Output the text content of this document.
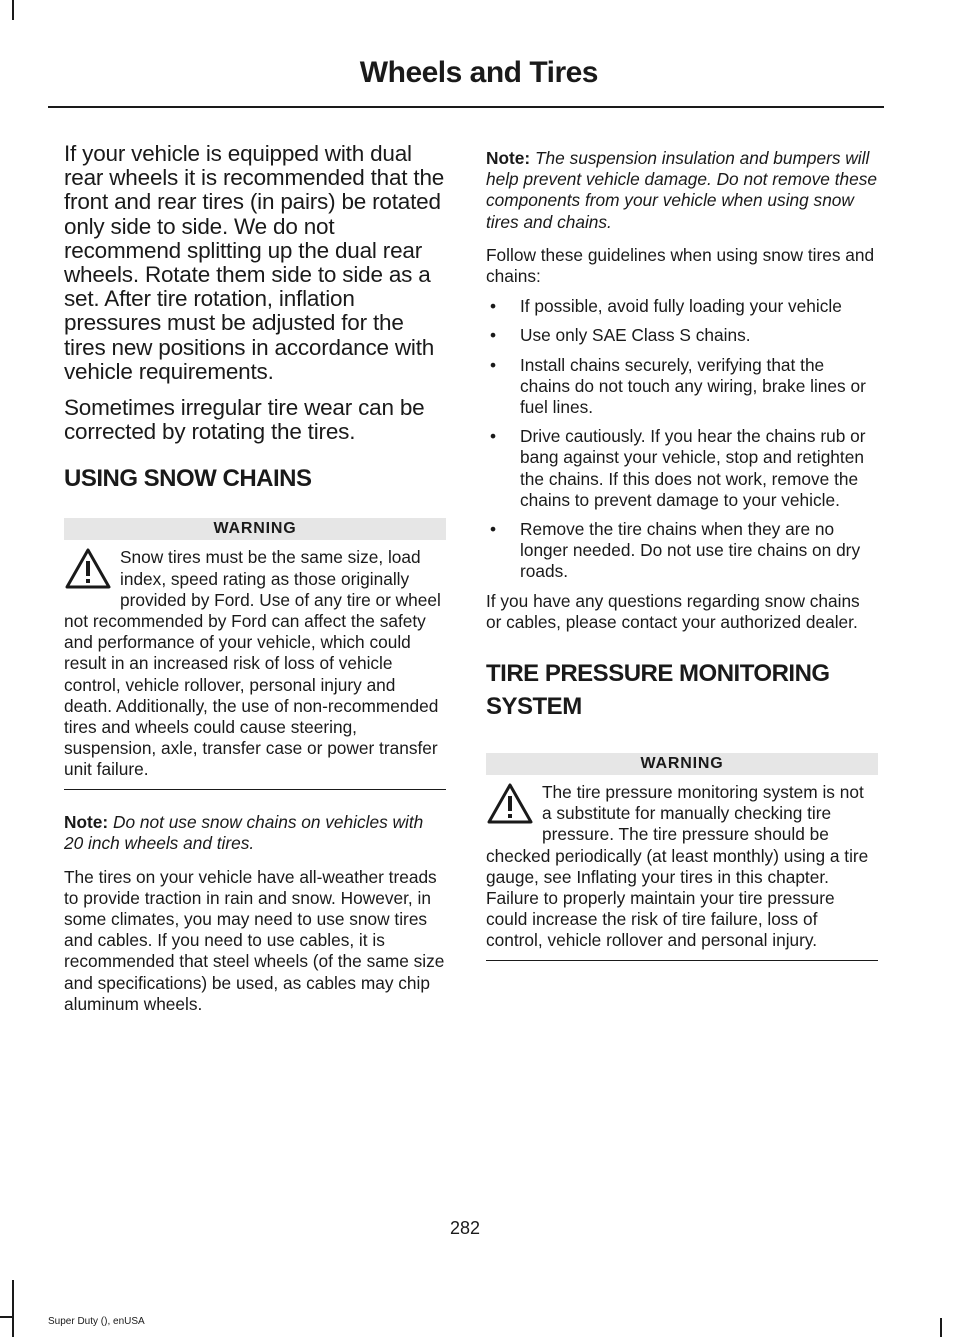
Wheels and Tires

If your vehicle is equipped with dual rear wheels it is recommended that the front and rear tires (in pairs) be rotated only side to side. We do not recommend splitting up the dual rear wheels. Rotate them side to side as a set. After tire rotation, inflation pressures must be adjusted for the tires new positions in accordance with vehicle requirements.

Sometimes irregular tire wear can be corrected by rotating the tires.

USING SNOW CHAINS
WARNING
Snow tires must be the same size, load index, speed rating as those originally provided by Ford. Use of any tire or wheel not recommended by Ford can affect the safety and performance of your vehicle, which could result in an increased risk of loss of vehicle control, vehicle rollover, personal injury and death. Additionally, the use of non-recommended tires and wheels could cause steering, suspension, axle, transfer case or power transfer unit failure.

Note: Do not use snow chains on vehicles with 20 inch wheels and tires.

The tires on your vehicle have all-weather treads to provide traction in rain and snow. However, in some climates, you may need to use snow tires and cables. If you need to use cables, it is recommended that steel wheels (of the same size and specifications) be used, as cables may chip aluminum wheels.

Note: The suspension insulation and bumpers will help prevent vehicle damage. Do not remove these components from your vehicle when using snow tires and chains.

Follow these guidelines when using snow tires and chains:

• If possible, avoid fully loading your vehicle
• Use only SAE Class S chains.
• Install chains securely, verifying that the chains do not touch any wiring, brake lines or fuel lines.
• Drive cautiously. If you hear the chains rub or bang against your vehicle, stop and retighten the chains. If this does not work, remove the chains to prevent damage to your vehicle.
• Remove the tire chains when they are no longer needed. Do not use tire chains on dry roads.

If you have any questions regarding snow chains or cables, please contact your authorized dealer.

TIRE PRESSURE MONITORING
SYSTEM
WARNING
The tire pressure monitoring system is not a substitute for manually checking tire pressure. The tire pressure should be checked periodically (at least monthly) using a tire gauge, see Inflating your tires in this chapter. Failure to properly maintain your tire pressure could increase the risk of tire failure, loss of control, vehicle rollover and personal injury.
282
Super Duty (), enUSA
